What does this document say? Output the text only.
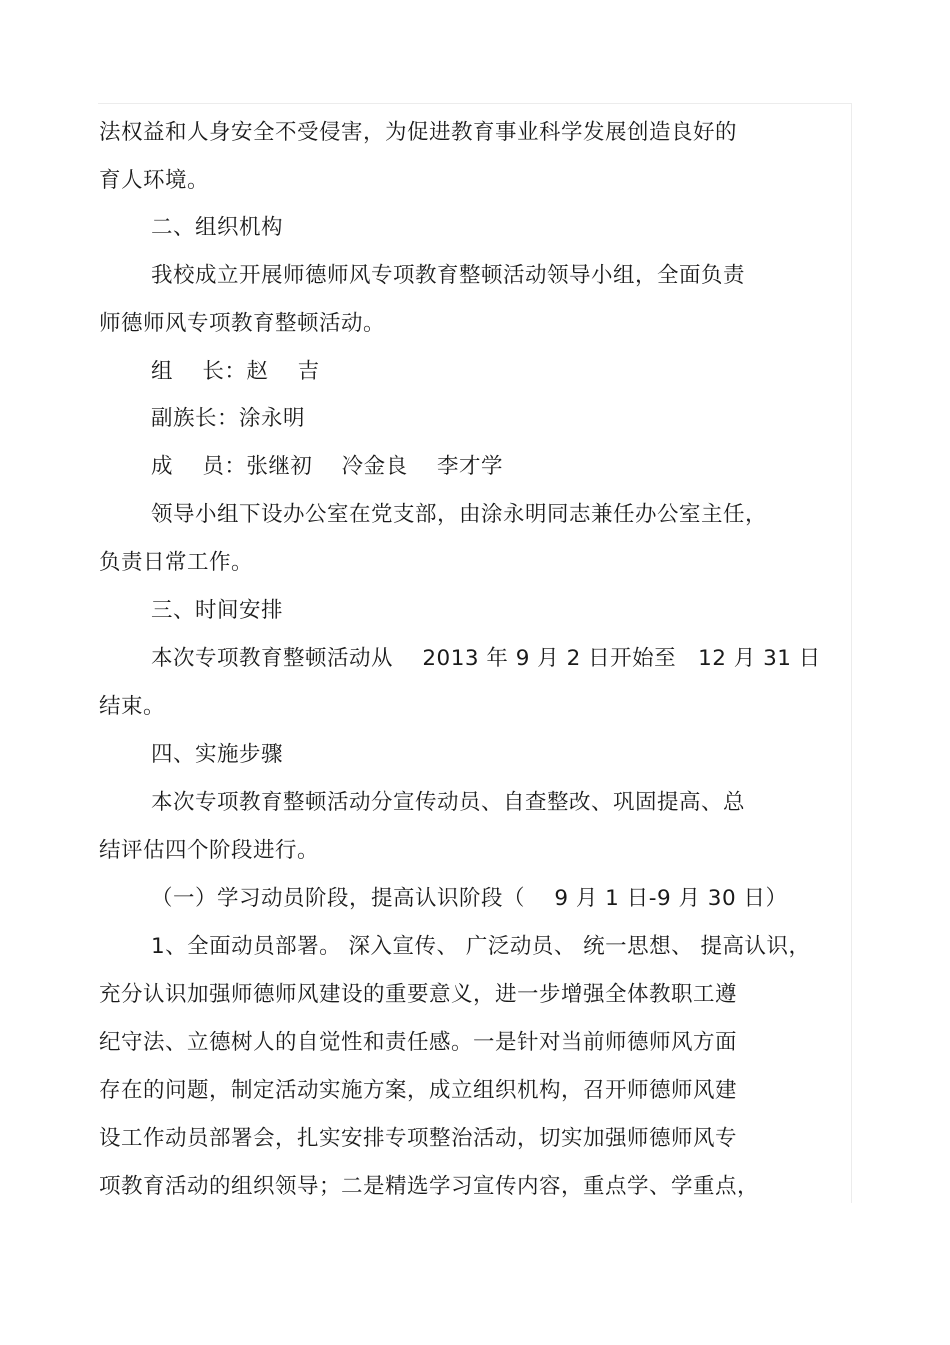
法权益和人身安全不受侵害，为促进教育事业科学发展创造良好的
育人环境。
二、组织机构
我校成立开展师德师风专项教育整顿活动领导小组，全面负责
师德师风专项教育整顿活动。
组　 长：赵　 吉
副族长：涂永明
成　 员：张继初　 冷金良　 李才学
领导小组下设办公室在党支部，由涂永明同志兼任办公室主任，
负责日常工作。
三、时间安排
本次专项教育整顿活动从　 2013 年 9 月 2 日开始至　12 月 31 日
结束。
四、实施步骤
本次专项教育整顿活动分宣传动员、自查整改、巩固提高、总
结评估四个阶段进行。
（一）学习动员阶段，提高认识阶段（　 9 月 1 日-9 月 30 日）
1、全面动员部署。 深入宣传、 广泛动员、 统一思想、 提高认识，
充分认识加强师德师风建设的重要意义，进一步增强全体教职工遵
纪守法、立德树人的自觉性和责任感。一是针对当前师德师风方面
存在的问题，制定活动实施方案，成立组织机构，召开师德师风建
设工作动员部署会，扎实安排专项整治活动，切实加强师德师风专
项教育活动的组织领导；二是精选学习宣传内容，重点学、学重点，
